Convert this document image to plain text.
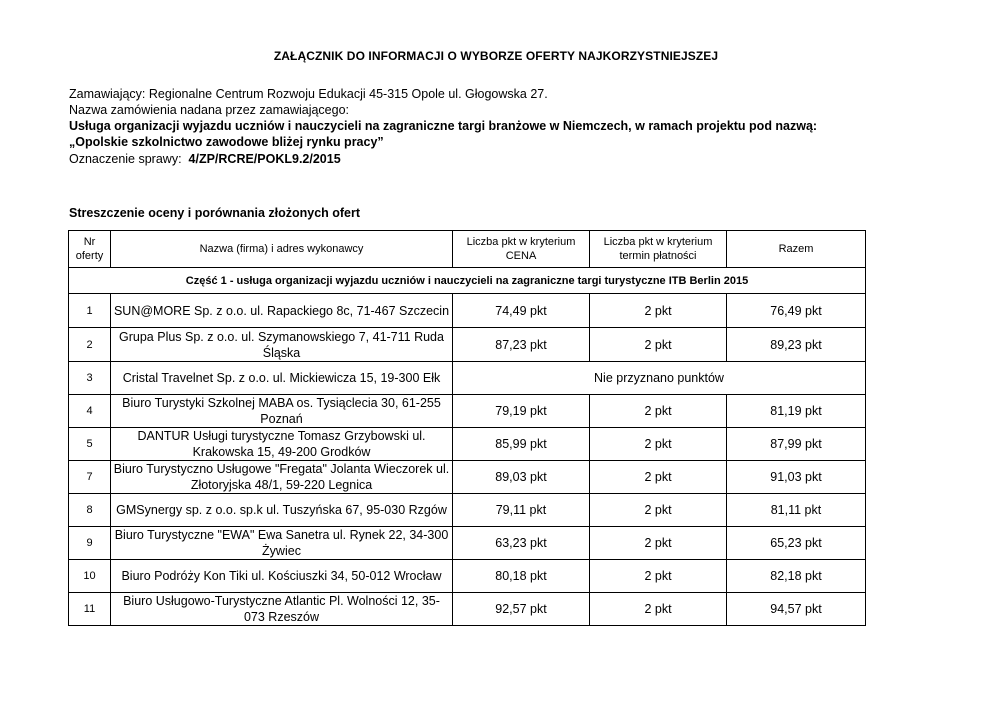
ZAŁĄCZNIK DO INFORMACJI O WYBORZE OFERTY NAJKORZYSTNIEJSZEJ
Zamawiający: Regionalne Centrum Rozwoju Edukacji 45-315 Opole ul. Głogowska 27.
Nazwa zamówienia nadana przez zamawiającego:
Usługa organizacji wyjazdu uczniów i nauczycieli na zagraniczne targi branżowe w Niemczech, w ramach projektu pod nazwą:
„Opolskie szkolnictwo zawodowe bliżej rynku pracy”
Oznaczenie sprawy: 4/ZP/RCRE/POKL9.2/2015
Streszczenie oceny i porównania złożonych ofert
Nr oferty	Nazwa (firma) i adres wykonawcy	Liczba pkt w kryterium CENA	Liczba pkt w kryterium termin płatności	Razem
Część 1 - usługa organizacji wyjazdu uczniów i nauczycieli na zagraniczne targi turystyczne ITB Berlin 2015				
1	SUN@MORE Sp. z o.o. ul. Rapackiego 8c, 71-467 Szczecin	74,49 pkt	2 pkt	76,49 pkt
2	Grupa Plus Sp. z o.o. ul. Szymanowskiego 7, 41-711 Ruda Śląska	87,23 pkt	2 pkt	89,23 pkt
3	Cristal Travelnet Sp. z o.o. ul. Mickiewicza 15, 19-300 Ełk	Nie przyznano punktów		
4	Biuro Turystyki Szkolnej MABA os. Tysiąclecia 30, 61-255 Poznań	79,19 pkt	2 pkt	81,19 pkt
5	DANTUR Usługi turystyczne Tomasz Grzybowski ul. Krakowska 15, 49-200 Grodków	85,99 pkt	2 pkt	87,99 pkt
7	Biuro Turystyczno Usługowe "Fregata" Jolanta Wieczorek ul. Złotoryjska 48/1, 59-220 Legnica	89,03 pkt	2 pkt	91,03 pkt
8	GMSynergy sp. z o.o. sp.k ul. Tuszyńska 67, 95-030 Rzgów	79,11 pkt	2 pkt	81,11 pkt
9	Biuro Turystyczne "EWA" Ewa Sanetra ul. Rynek 22, 34-300 Żywiec	63,23 pkt	2 pkt	65,23 pkt
10	Biuro Podróży Kon Tiki ul. Kościuszki 34, 50-012 Wrocław	80,18 pkt	2 pkt	82,18 pkt
11	Biuro Usługowo-Turystyczne Atlantic Pl. Wolności 12, 35-073 Rzeszów	92,57 pkt	2 pkt	94,57 pkt
